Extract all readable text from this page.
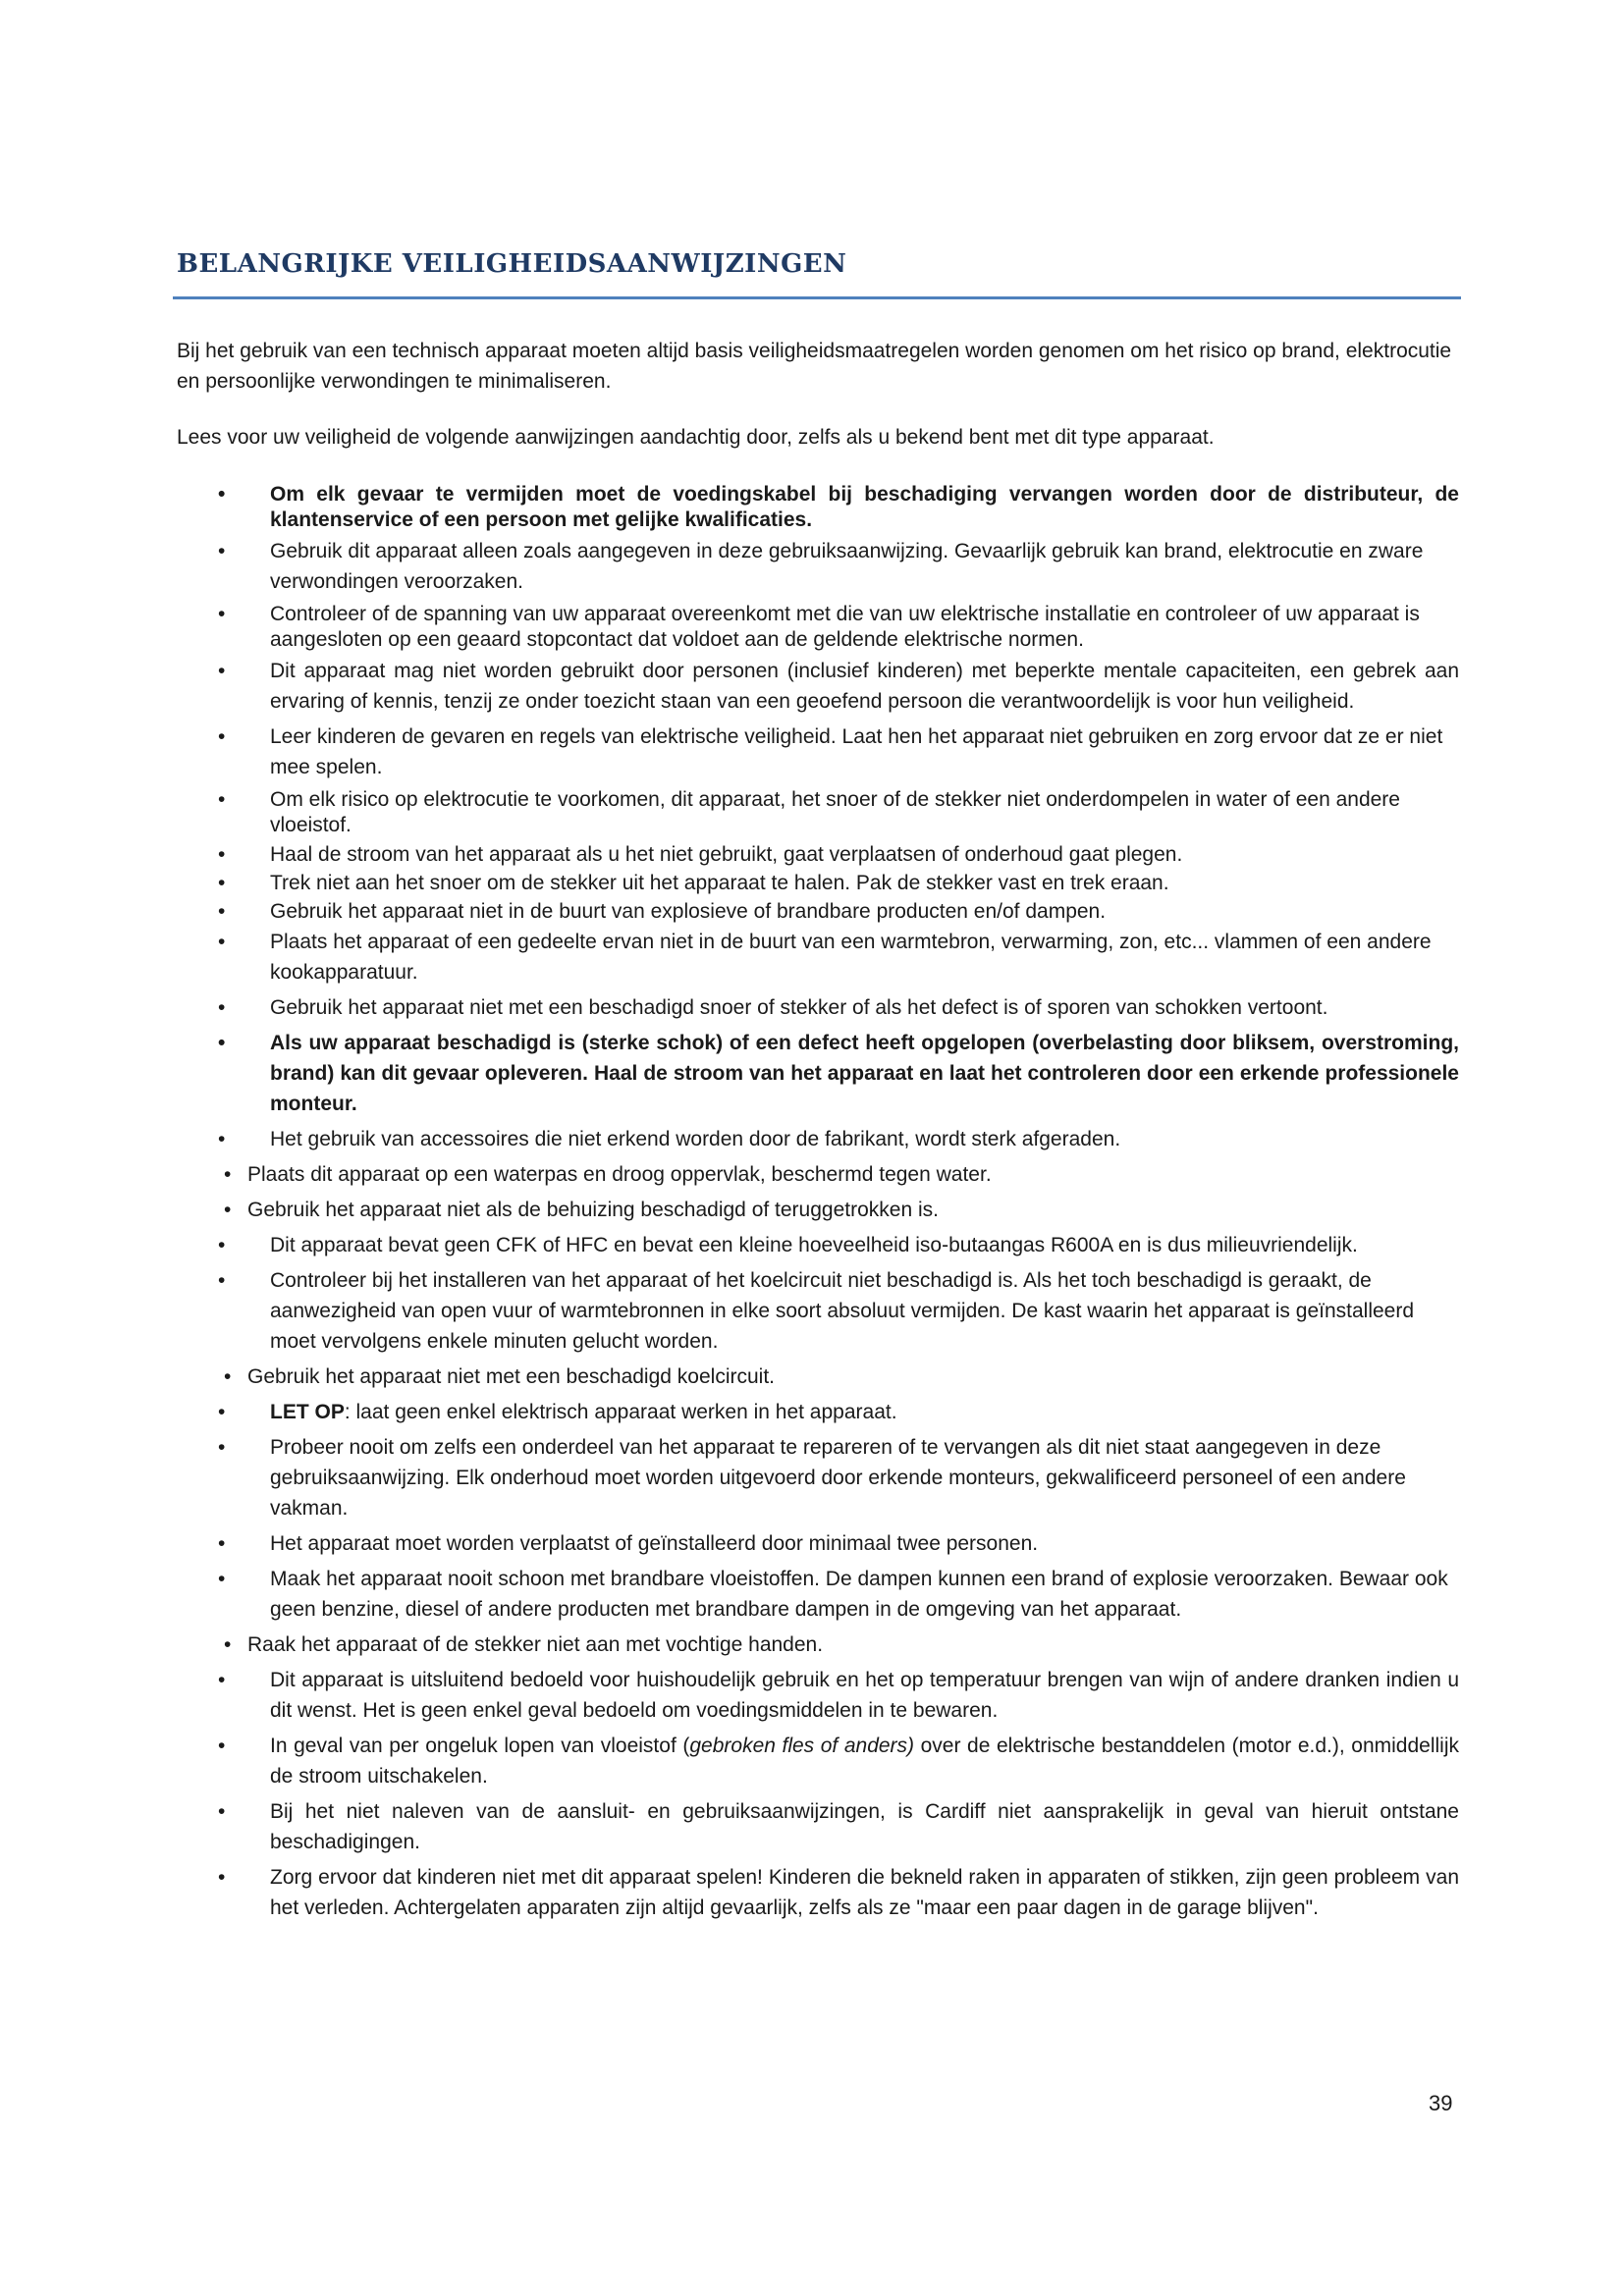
BELANGRIJKE VEILIGHEIDSAANWIJZINGEN

Bij het gebruik van een technisch apparaat moeten altijd basis veiligheidsmaatregelen worden genomen om het risico op brand, elektrocutie en persoonlijke verwondingen te minimaliseren.

Lees voor uw veiligheid de volgende aanwijzingen aandachtig door, zelfs als u bekend bent met dit type apparaat.

• Om elk gevaar te vermijden moet de voedingskabel bij beschadiging vervangen worden door de distributeur, de klantenservice of een persoon met gelijke kwalificaties.
• Gebruik dit apparaat alleen zoals aangegeven in deze gebruiksaanwijzing. Gevaarlijk gebruik kan brand, elektrocutie en zware verwondingen veroorzaken.
• Controleer of de spanning van uw apparaat overeenkomt met die van uw elektrische installatie en controleer of uw apparaat is aangesloten op een geaard stopcontact dat voldoet aan de geldende elektrische normen.
• Dit apparaat mag niet worden gebruikt door personen (inclusief kinderen) met beperkte mentale capaciteiten, een gebrek aan ervaring of kennis, tenzij ze onder toezicht staan van een geoefend persoon die verantwoordelijk is voor hun veiligheid.
• Leer kinderen de gevaren en regels van elektrische veiligheid. Laat hen het apparaat niet gebruiken en zorg ervoor dat ze er niet mee spelen.
• Om elk risico op elektrocutie te voorkomen, dit apparaat, het snoer of de stekker niet onderdompelen in water of een andere vloeistof.
• Haal de stroom van het apparaat als u het niet gebruikt, gaat verplaatsen of onderhoud gaat plegen.
• Trek niet aan het snoer om de stekker uit het apparaat te halen. Pak de stekker vast en trek eraan.
• Gebruik het apparaat niet in de buurt van explosieve of brandbare producten en/of dampen.
• Plaats het apparaat of een gedeelte ervan niet in de buurt van een warmtebron, verwarming, zon, etc... vlammen of een andere kookapparatuur.
• Gebruik het apparaat niet met een beschadigd snoer of stekker of als het defect is of sporen van schokken vertoont.
• Als uw apparaat beschadigd is (sterke schok) of een defect heeft opgelopen (overbelasting door bliksem, overstroming, brand) kan dit gevaar opleveren. Haal de stroom van het apparaat en laat het controleren door een erkende professionele monteur.
• Het gebruik van accessoires die niet erkend worden door de fabrikant, wordt sterk afgeraden.
• Plaats dit apparaat op een waterpas en droog oppervlak, beschermd tegen water.
• Gebruik het apparaat niet als de behuizing beschadigd of teruggetrokken is.
• Dit apparaat bevat geen CFK of HFC en bevat een kleine hoeveelheid iso-butaangas R600A en is dus milieuvriendelijk.
• Controleer bij het installeren van het apparaat of het koelcircuit niet beschadigd is. Als het toch beschadigd is geraakt, de aanwezigheid van open vuur of warmtebronnen in elke soort absoluut vermijden. De kast waarin het apparaat is geïnstalleerd moet vervolgens enkele minuten gelucht worden.
• Gebruik het apparaat niet met een beschadigd koelcircuit.
• LET OP: laat geen enkel elektrisch apparaat werken in het apparaat.
• Probeer nooit om zelfs een onderdeel van het apparaat te repareren of te vervangen als dit niet staat aangegeven in deze gebruiksaanwijzing. Elk onderhoud moet worden uitgevoerd door erkende monteurs, gekwalificeerd personeel of een andere vakman.
• Het apparaat moet worden verplaatst of geïnstalleerd door minimaal twee personen.
• Maak het apparaat nooit schoon met brandbare vloeistoffen. De dampen kunnen een brand of explosie veroorzaken. Bewaar ook geen benzine, diesel of andere producten met brandbare dampen in de omgeving van het apparaat.
• Raak het apparaat of de stekker niet aan met vochtige handen.
• Dit apparaat is uitsluitend bedoeld voor huishoudelijk gebruik en het op temperatuur brengen van wijn of andere dranken indien u dit wenst. Het is geen enkel geval bedoeld om voedingsmiddelen in te bewaren.
• In geval van per ongeluk lopen van vloeistof (gebroken fles of anders) over de elektrische bestanddelen (motor e.d.), onmiddellijk de stroom uitschakelen.
• Bij het niet naleven van de aansluit- en gebruiksaanwijzingen, is Cardiff niet aansprakelijk in geval van hieruit ontstane beschadigingen.
• Zorg ervoor dat kinderen niet met dit apparaat spelen! Kinderen die bekneld raken in apparaten of stikken, zijn geen probleem van het verleden. Achtergelaten apparaten zijn altijd gevaarlijk, zelfs als ze "maar een paar dagen in de garage blijven".
39
